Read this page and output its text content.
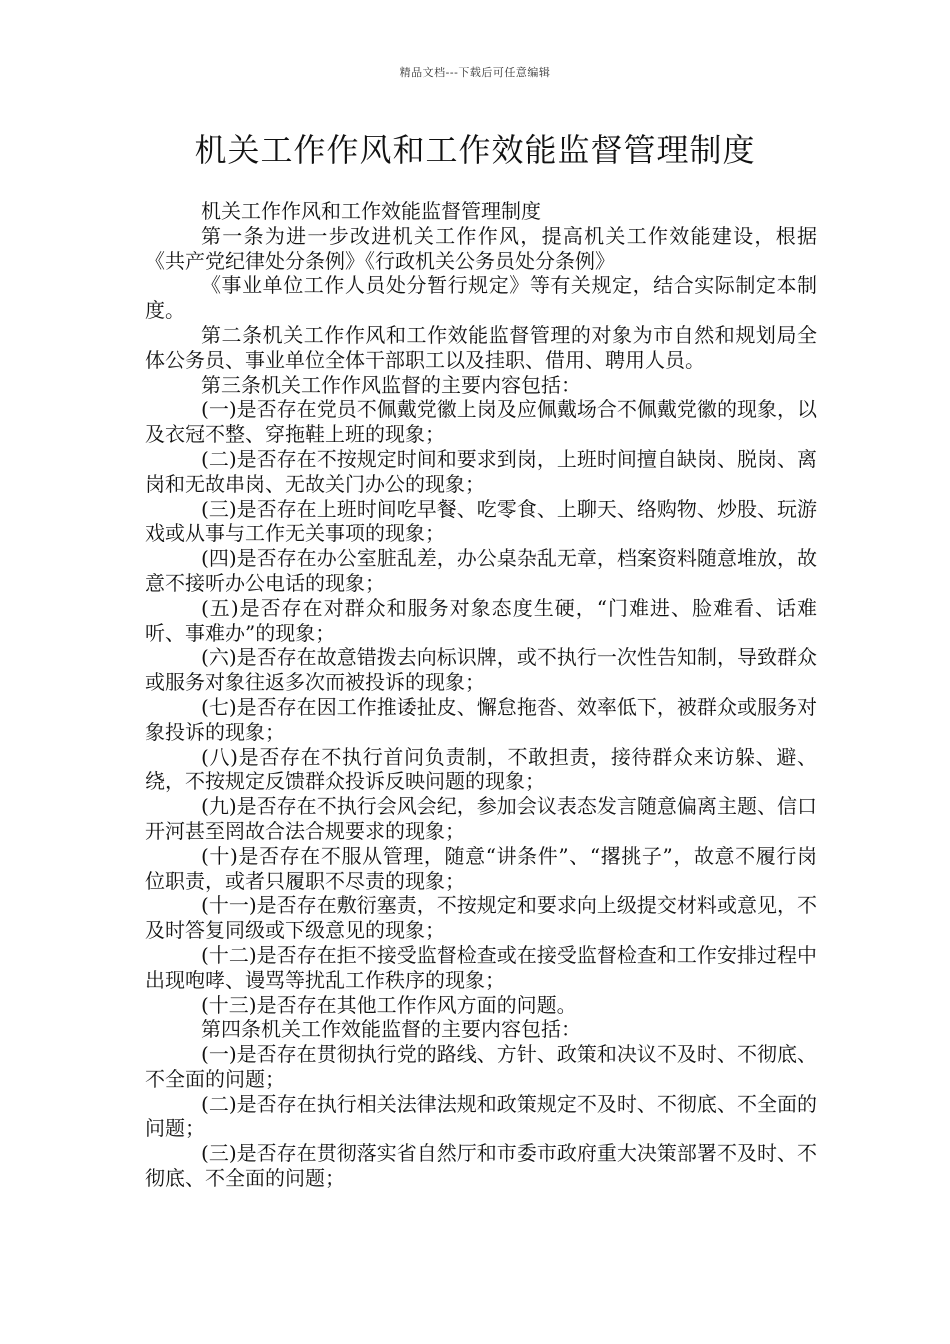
精品文档---下载后可任意编辑
机关工作作风和工作效能监督管理制度

机关工作作风和工作效能监督管理制度

第一条为进一步改进机关工作作风，提高机关工作效能建设，根据《共产党纪律处分条例》《行政机关公务员处分条例》

《事业单位工作人员处分暂行规定》等有关规定，结合实际制定本制度。

第二条机关工作作风和工作效能监督管理的对象为市自然和规划局全体公务员、事业单位全体干部职工以及挂职、借用、聘用人员。

第三条机关工作作风监督的主要内容包括：

(一)是否存在党员不佩戴党徽上岗及应佩戴场合不佩戴党徽的现象，以及衣冠不整、穿拖鞋上班的现象；

(二)是否存在不按规定时间和要求到岗，上班时间擅自缺岗、脱岗、离岗和无故串岗、无故关门办公的现象；

(三)是否存在上班时间吃早餐、吃零食、上聊天、络购物、炒股、玩游戏或从事与工作无关事项的现象；

(四)是否存在办公室脏乱差，办公桌杂乱无章，档案资料随意堆放，故意不接听办公电话的现象；

(五)是否存在对群众和服务对象态度生硬，“门难进、脸难看、话难听、事难办”的现象；

(六)是否存在故意错拨去向标识牌，或不执行一次性告知制，导致群众或服务对象往返多次而被投诉的现象；

(七)是否存在因工作推诿扯皮、懈怠拖沓、效率低下，被群众或服务对象投诉的现象；

(八)是否存在不执行首问负责制，不敢担责，接待群众来访躲、避、绕，不按规定反馈群众投诉反映问题的现象；

(九)是否存在不执行会风会纪，参加会议表态发言随意偏离主题、信口开河甚至罔故合法合规要求的现象；

(十)是否存在不服从管理，随意“讲条件”、“撂挑子”，故意不履行岗位职责，或者只履职不尽责的现象；

(十一)是否存在敷衍塞责，不按规定和要求向上级提交材料或意见，不及时答复同级或下级意见的现象；

(十二)是否存在拒不接受监督检查或在接受监督检查和工作安排过程中出现咆哮、谩骂等扰乱工作秩序的现象；

(十三)是否存在其他工作作风方面的问题。

第四条机关工作效能监督的主要内容包括：

(一)是否存在贯彻执行党的路线、方针、政策和决议不及时、不彻底、不全面的问题；

(二)是否存在执行相关法律法规和政策规定不及时、不彻底、不全面的问题；

(三)是否存在贯彻落实省自然厅和市委市政府重大决策部署不及时、不彻底、不全面的问题；
